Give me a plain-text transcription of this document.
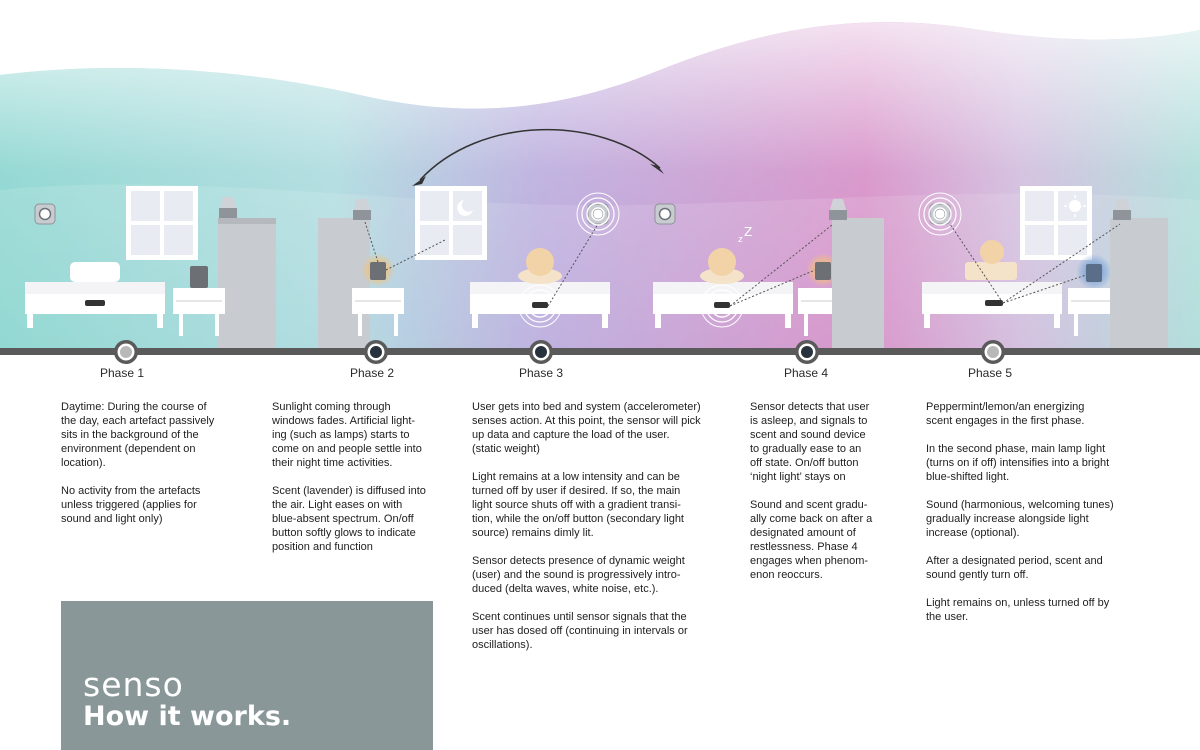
z
Z
Phase 1	Phase 2	Phase 3	Phase 4	Phase 5

Daytime: During the course of
the day, each artefact passively
sits in the background of the
environment (dependent on
location).

No activity from the artefacts
unless triggered (applies for
sound and light only)

Sunlight coming through
windows fades. Artificial light-
ing (such as lamps) starts to
come on and people settle into
their night time activities.

Scent (lavender) is diffused into
the air. Light eases on with
blue-absent spectrum. On/off
button softly glows to indicate
position and function

User gets into bed and system (accelerometer)
senses action. At this point, the sensor will pick
up data and capture the load of the user.
(static weight)

Light remains at a low intensity and can be
turned off by user if desired. If so, the main
light source shuts off with a gradient transi-
tion, while the on/off button (secondary light
source) remains dimly lit.

Sensor detects presence of dynamic weight
(user) and the sound is progressively intro-
duced (delta waves, white noise, etc.).

Scent continues until sensor signals that the
user has dosed off (continuing in intervals or
oscillations).

Sensor detects that user
is asleep, and signals to
scent and sound device
to gradually ease to an
off state. On/off button
‘night light’ stays on

Sound and scent gradu-
ally come back on after a
designated amount of
restlessness. Phase 4
engages when phenom-
enon reoccurs.

Peppermint/lemon/an energizing
scent engages in the first phase.

In the second phase, main lamp light
(turns on if off) intensifies into a bright
blue-shifted light.

Sound (harmonious, welcoming tunes)
gradually increase alongside light
increase (optional).

After a designated period, scent and
sound gently turn off.

Light remains on, unless turned off by
the user.

senso
How it works.
